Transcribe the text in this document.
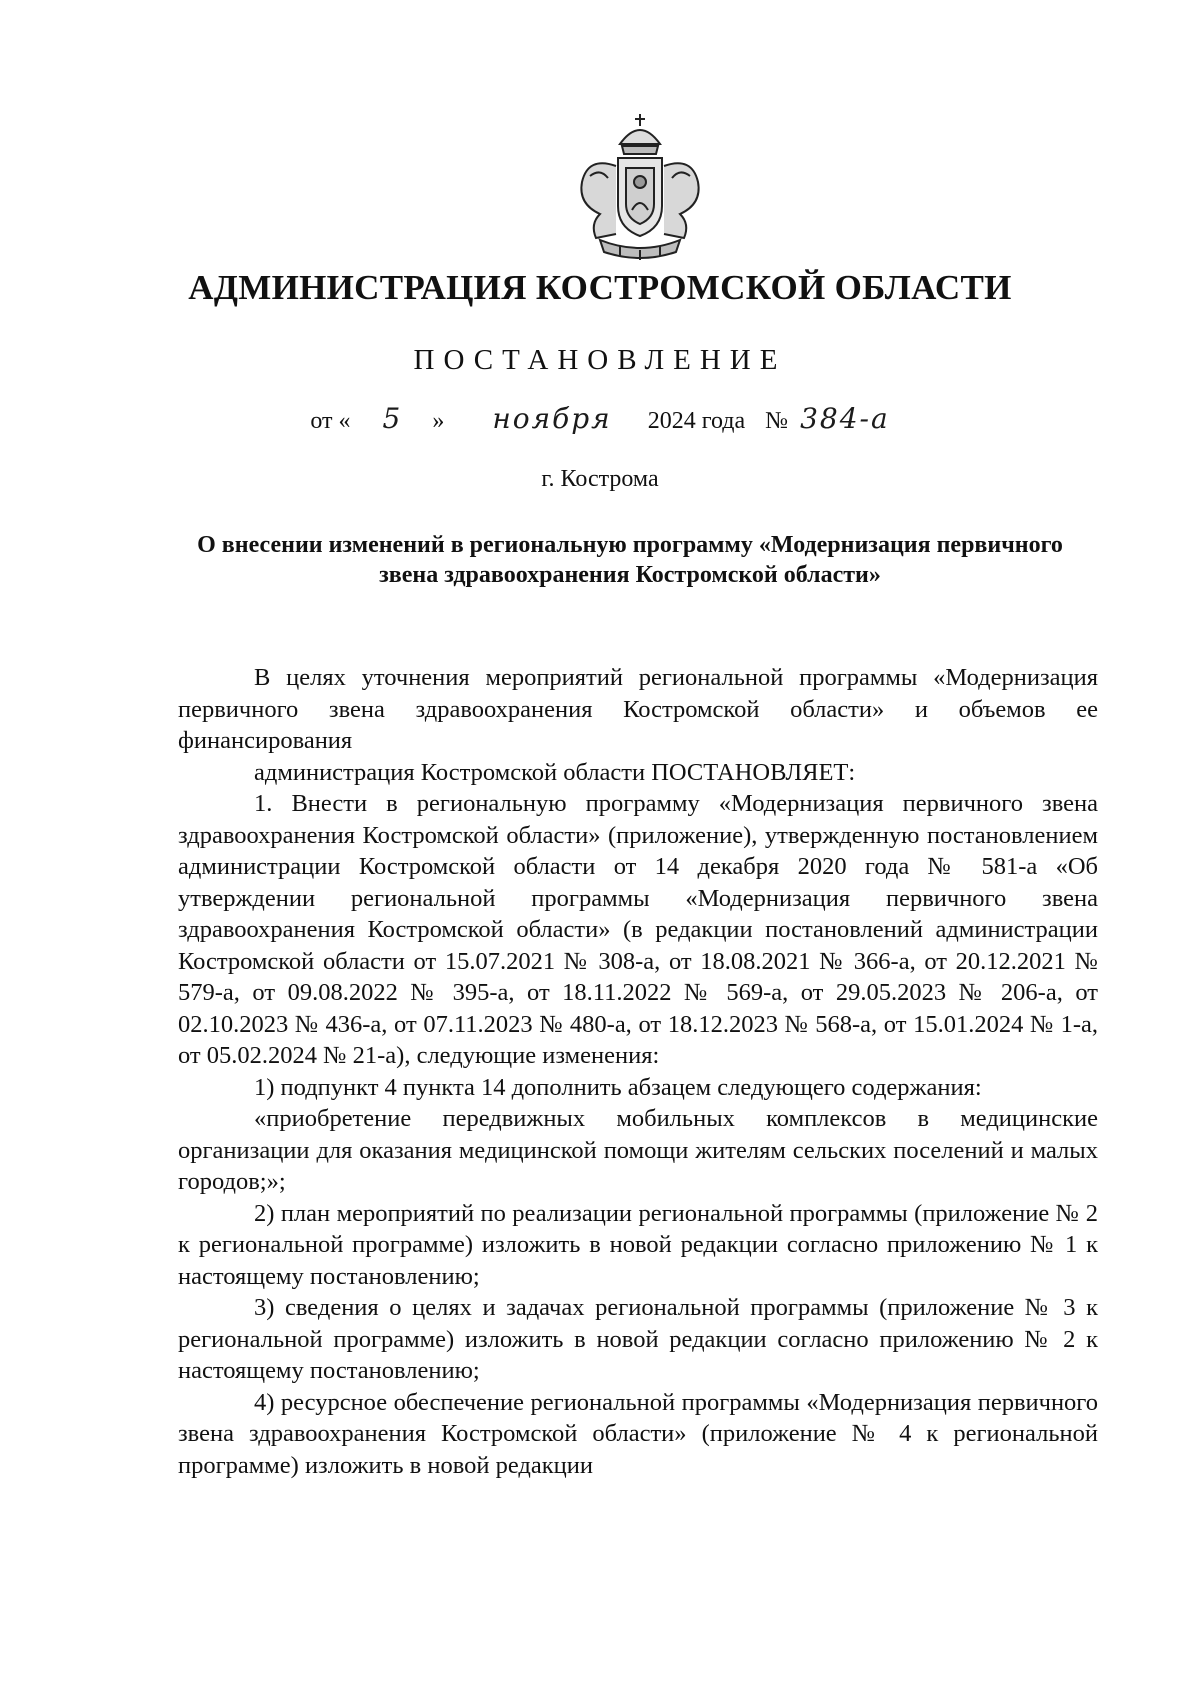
АДМИНИСТРАЦИЯ КОСТРОМСКОЙ ОБЛАСТИ
ПОСТАНОВЛЕНИЕ
от « 5 » ноября 2024 года № 384-а
г. Кострома
О внесении изменений в региональную программу «Модернизация первичного звена здравоохранения Костромской области»

В целях уточнения мероприятий региональной программы «Модернизация первичного звена здравоохранения Костромской области» и объемов ее финансирования

администрация Костромской области ПОСТАНОВЛЯЕТ:

1. Внести в региональную программу «Модернизация первичного звена здравоохранения Костромской области» (приложение), утвержденную постановлением администрации Костромской области от 14 декабря 2020 года № 581-а «Об утверждении региональной программы «Модернизация первичного звена здравоохранения Костромской области» (в редакции постановлений администрации Костромской области от 15.07.2021 № 308-а, от 18.08.2021 № 366-а, от 20.12.2021 № 579-а, от 09.08.2022 № 395-а, от 18.11.2022 № 569-а, от 29.05.2023 № 206-а, от 02.10.2023 № 436-а, от 07.11.2023 № 480-а, от 18.12.2023 № 568-а, от 15.01.2024 № 1-а, от 05.02.2024 № 21-а), следующие изменения:

1) подпункт 4 пункта 14 дополнить абзацем следующего содержания:

«приобретение передвижных мобильных комплексов в медицинские организации для оказания медицинской помощи жителям сельских поселений и малых городов;»;

2) план мероприятий по реализации региональной программы (приложение № 2 к региональной программе) изложить в новой редакции согласно приложению № 1 к настоящему постановлению;

3) сведения о целях и задачах региональной программы (приложение № 3 к региональной программе) изложить в новой редакции согласно приложению № 2 к настоящему постановлению;

4) ресурсное обеспечение региональной программы «Модернизация первичного звена здравоохранения Костромской области» (приложение № 4 к региональной программе) изложить в новой редакции
